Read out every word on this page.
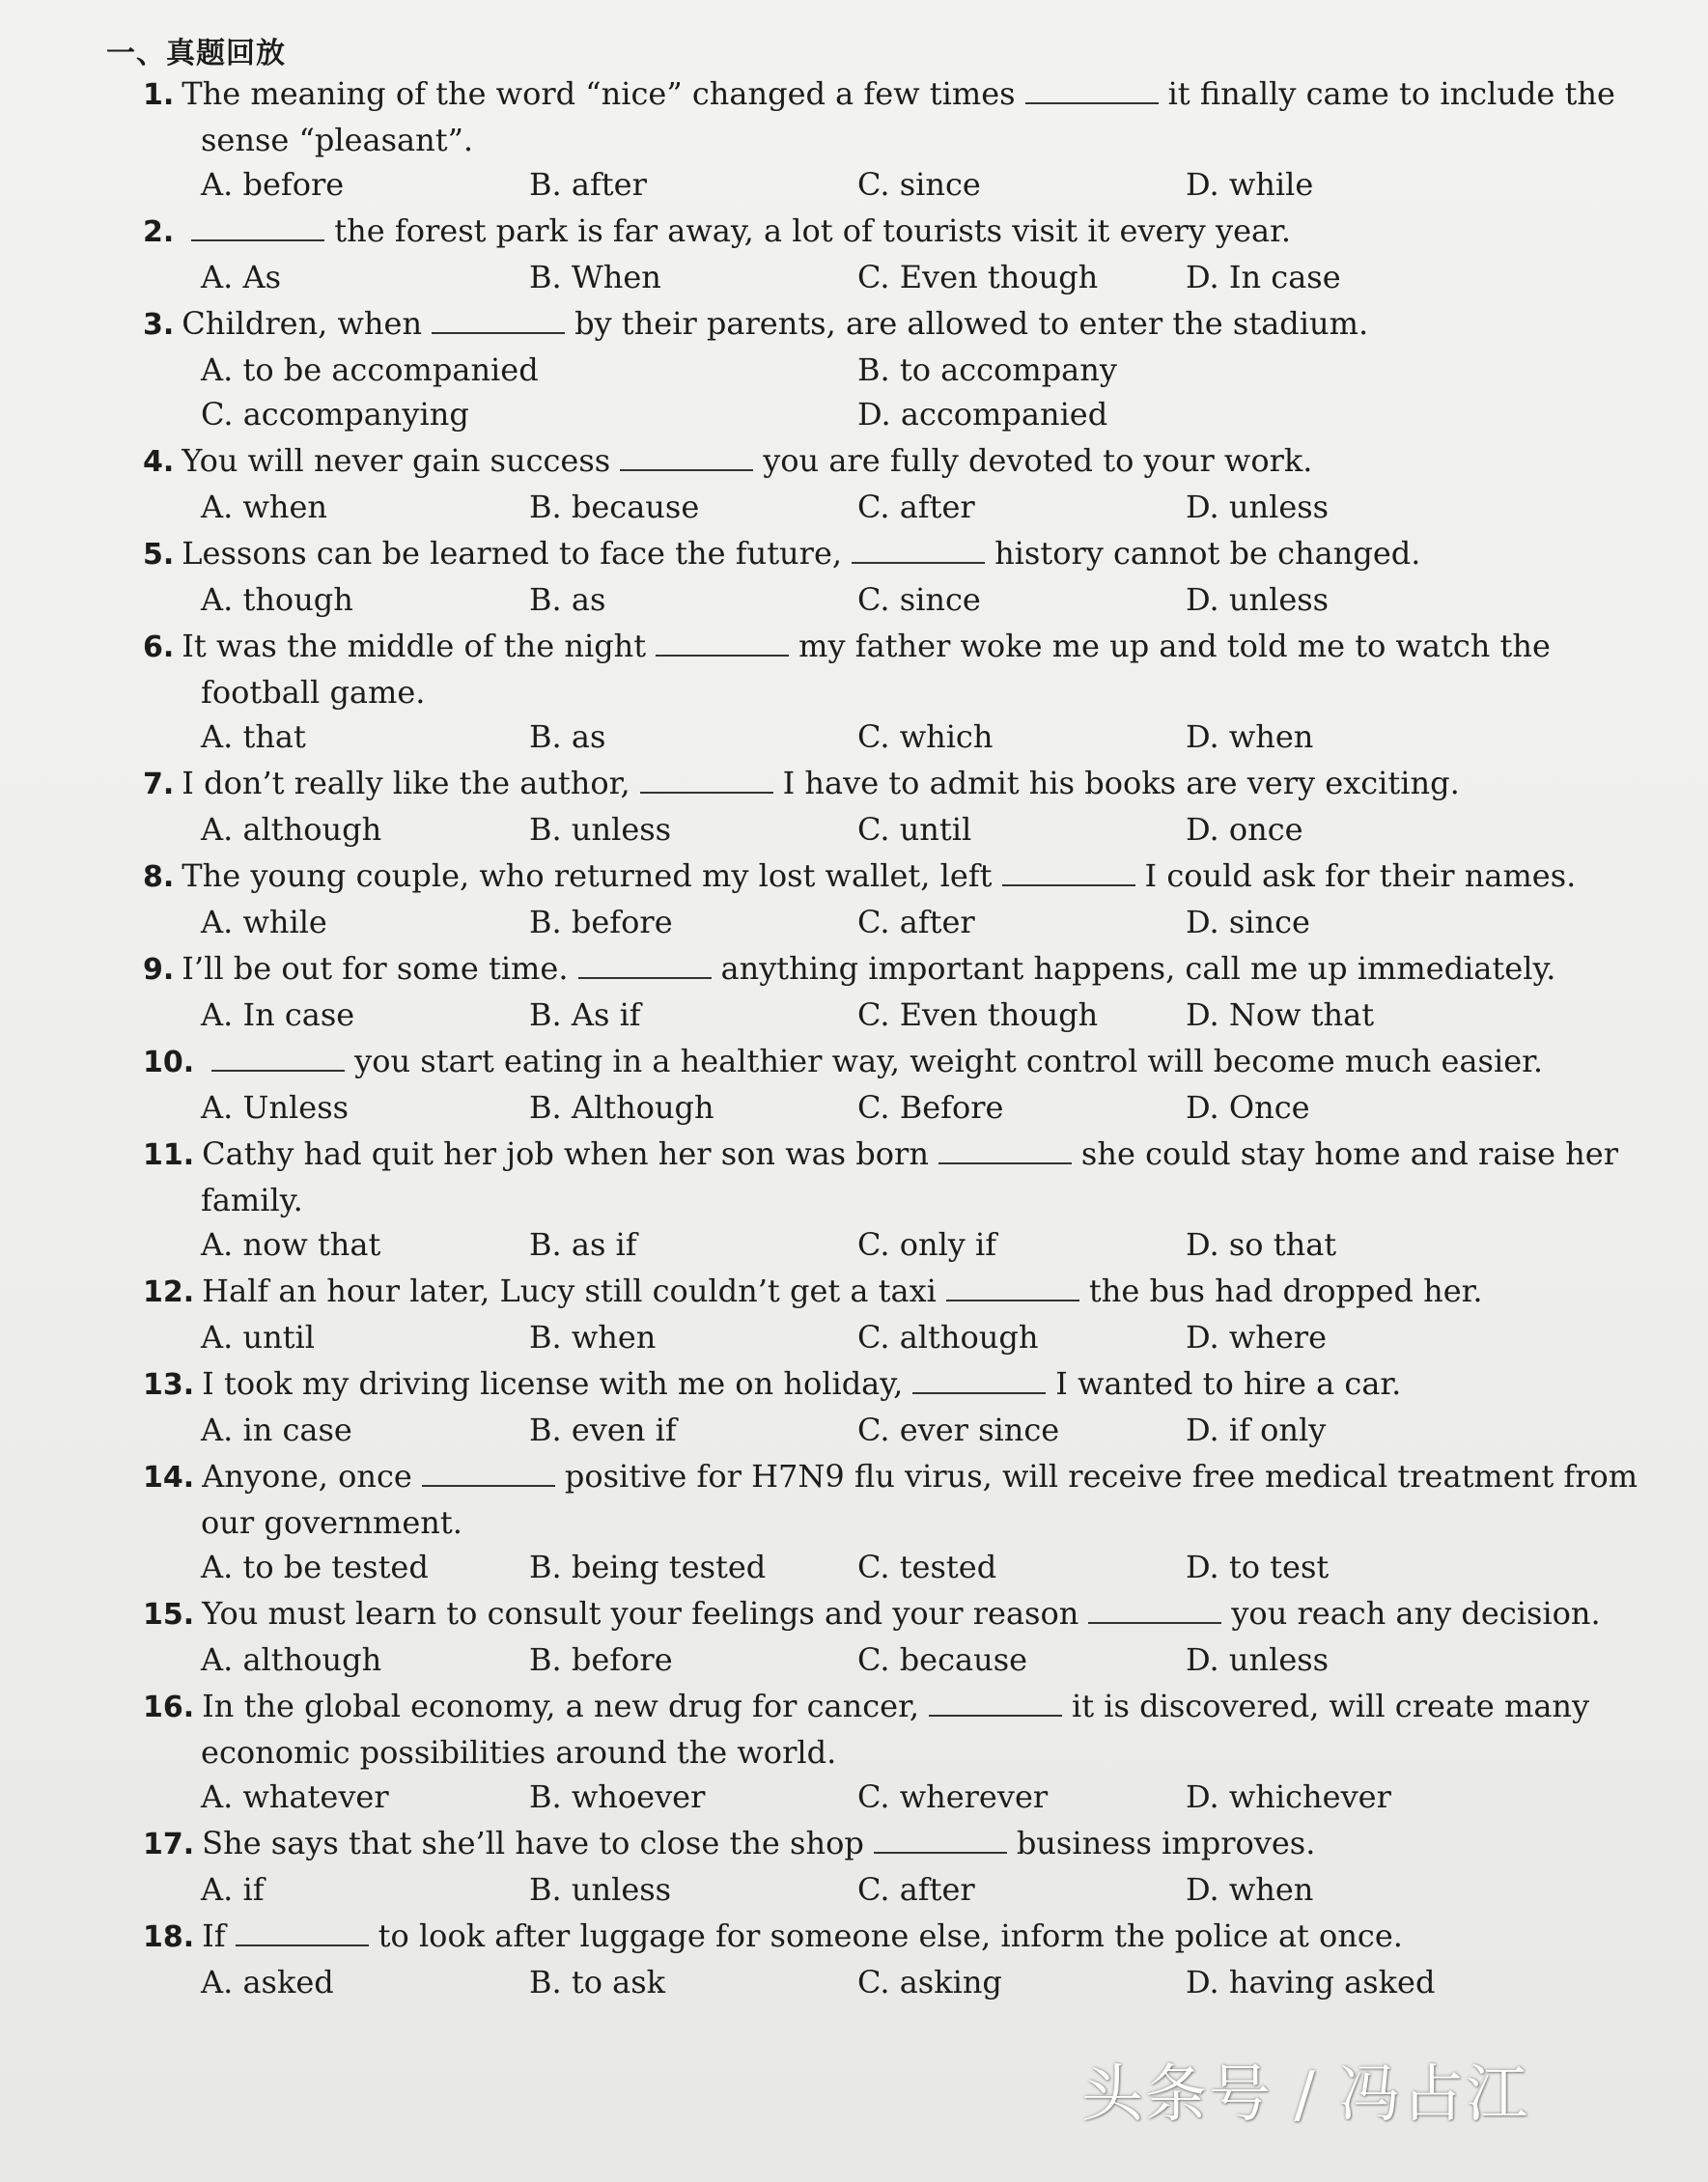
一、真题回放
1. The meaning of the word “nice” changed a few times	it finally came to include the
sense “pleasant”.
A. before	B. after	C. since	D. while
2.	the forest park is far away, a lot of tourists visit it every year.
A. As	B. When	C. Even though	D. In case
3. Children, when	by their parents, are allowed to enter the stadium.
A. to be accompanied	B. to accompany
C. accompanying	D. accompanied
4. You will never gain success	you are fully devoted to your work.
A. when	B. because	C. after	D. unless
5. Lessons can be learned to face the future,	history cannot be changed.
A. though	B. as	C. since	D. unless
6. It was the middle of the night	my father woke me up and told me to watch the
football game.
A. that	B. as	C. which	D. when
7. I don’t really like the author,	I have to admit his books are very exciting.
A. although	B. unless	C. until	D. once
8. The young couple, who returned my lost wallet, left	I could ask for their names.
A. while	B. before	C. after	D. since
9. I’ll be out for some time.	anything important happens, call me up immediately.
A. In case	B. As if	C. Even though	D. Now that
10.	you start eating in a healthier way, weight control will become much easier.
A. Unless	B. Although	C. Before	D. Once
11. Cathy had quit her job when her son was born	she could stay home and raise her
family.
A. now that	B. as if	C. only if	D. so that
12. Half an hour later, Lucy still couldn’t get a taxi	the bus had dropped her.
A. until	B. when	C. although	D. where
13. I took my driving license with me on holiday,	I wanted to hire a car.
A. in case	B. even if	C. ever since	D. if only
14. Anyone, once	positive for H7N9 flu virus, will receive free medical treatment from
our government.
A. to be tested	B. being tested	C. tested	D. to test
15. You must learn to consult your feelings and your reason	you reach any decision.
A. although	B. before	C. because	D. unless
16. In the global economy, a new drug for cancer,	it is discovered, will create many
economic possibilities around the world.
A. whatever	B. whoever	C. wherever	D. whichever
17. She says that she’ll have to close the shop	business improves.
A. if	B. unless	C. after	D. when
18. If	to look after luggage for someone else, inform the police at once.
A. asked	B. to ask	C. asking	D. having asked
头条号 / 冯占江
